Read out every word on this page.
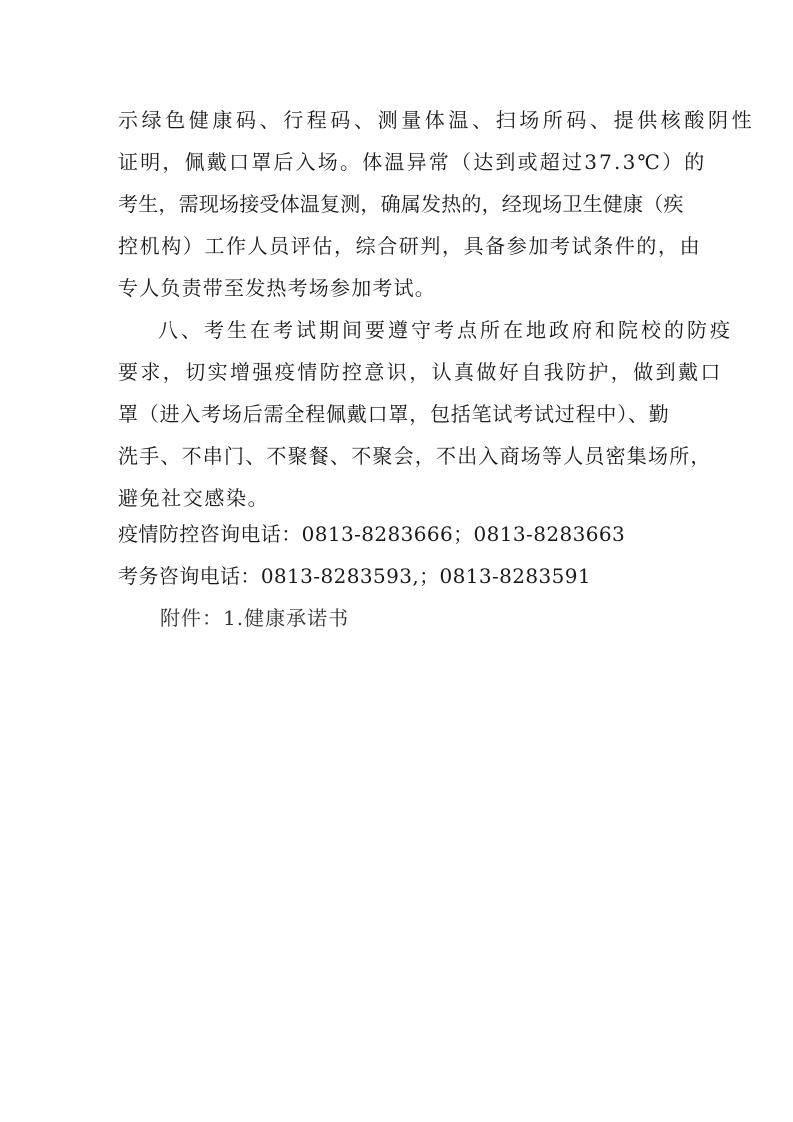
示绿色健康码、行程码、测量体温、扫场所码、提供核酸阴性

证明，佩戴口罩后入场。体温异常（达到或超过37.3℃）的

考生，需现场接受体温复测，确属发热的，经现场卫生健康（疾

控机构）工作人员评估，综合研判，具备参加考试条件的，由

专人负责带至发热考场参加考试。

八、考生在考试期间要遵守考点所在地政府和院校的防疫

要求，切实增强疫情防控意识，认真做好自我防护，做到戴口

罩（进入考场后需全程佩戴口罩，包括笔试考试过程中）、勤

洗手、不串门、不聚餐、不聚会，不出入商场等人员密集场所，

避免社交感染。

疫情防控咨询电话：0813-8283666；0813-8283663

考务咨询电话：0813-8283593,；0813-8283591

附件：1.健康承诺书
